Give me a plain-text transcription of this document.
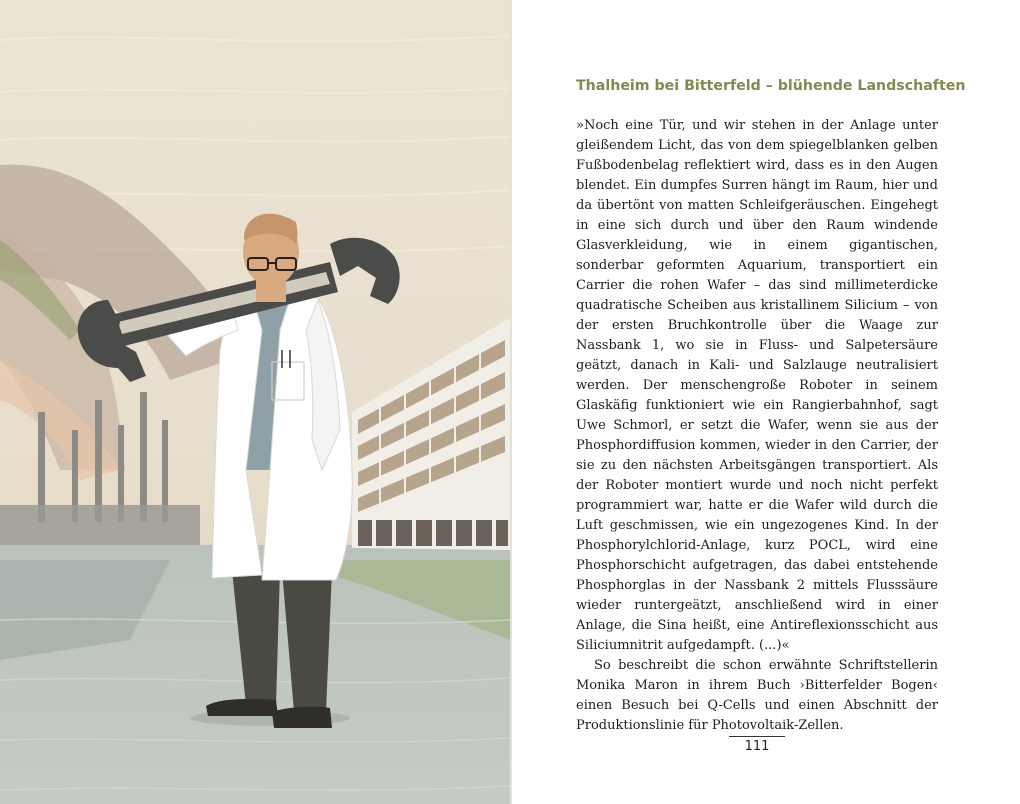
Thalheim bei Bitterfeld – blühende Landschaften

»Noch eine Tür, und wir stehen in der Anlage unter gleißendem Licht, das von dem spiegelblanken gelben Fußbodenbelag reflektiert wird, dass es in den Augen blendet. Ein dumpfes Surren hängt im Raum, hier und da übertönt von matten Schleifgeräuschen. Eingehegt in eine sich durch und über den Raum windende Glasverkleidung, wie in einem gigantischen, sonderbar geformten Aquarium, transportiert ein Carrier die rohen Wafer – das sind millimeterdicke quadratische Scheiben aus kristallinem Silicium – von der ersten Bruchkontrolle über die Waage zur Nassbank 1, wo sie in Fluss- und Salpetersäure geätzt, danach in Kali- und Salzlauge neutralisiert werden. Der menschengroße Roboter in seinem Glaskäfig funktioniert wie ein Rangierbahnhof, sagt Uwe Schmorl, er setzt die Wafer, wenn sie aus der Phosphordiffusion kommen, wieder in den Carrier, der sie zu den nächsten Arbeitsgängen transportiert. Als der Roboter montiert wurde und noch nicht perfekt programmiert war, hatte er die Wafer wild durch die Luft geschmissen, wie ein ungezogenes Kind. In der Phosphorylchlorid-Anlage, kurz POCL, wird eine Phosphorschicht aufgetragen, das dabei entstehende Phosphorglas in der Nassbank 2 mittels Flusssäure wieder runtergeätzt, anschließend wird in einer Anlage, die Sina heißt, eine Antireflexionsschicht aus Siliciumnitrit aufgedampft. (...)«

So beschreibt die schon erwähnte Schriftstellerin Monika Maron in ihrem Buch ›Bitterfelder Bogen‹ einen Besuch bei Q-Cells und einen Abschnitt der Produktionslinie für Photovoltaik-Zellen.

111
